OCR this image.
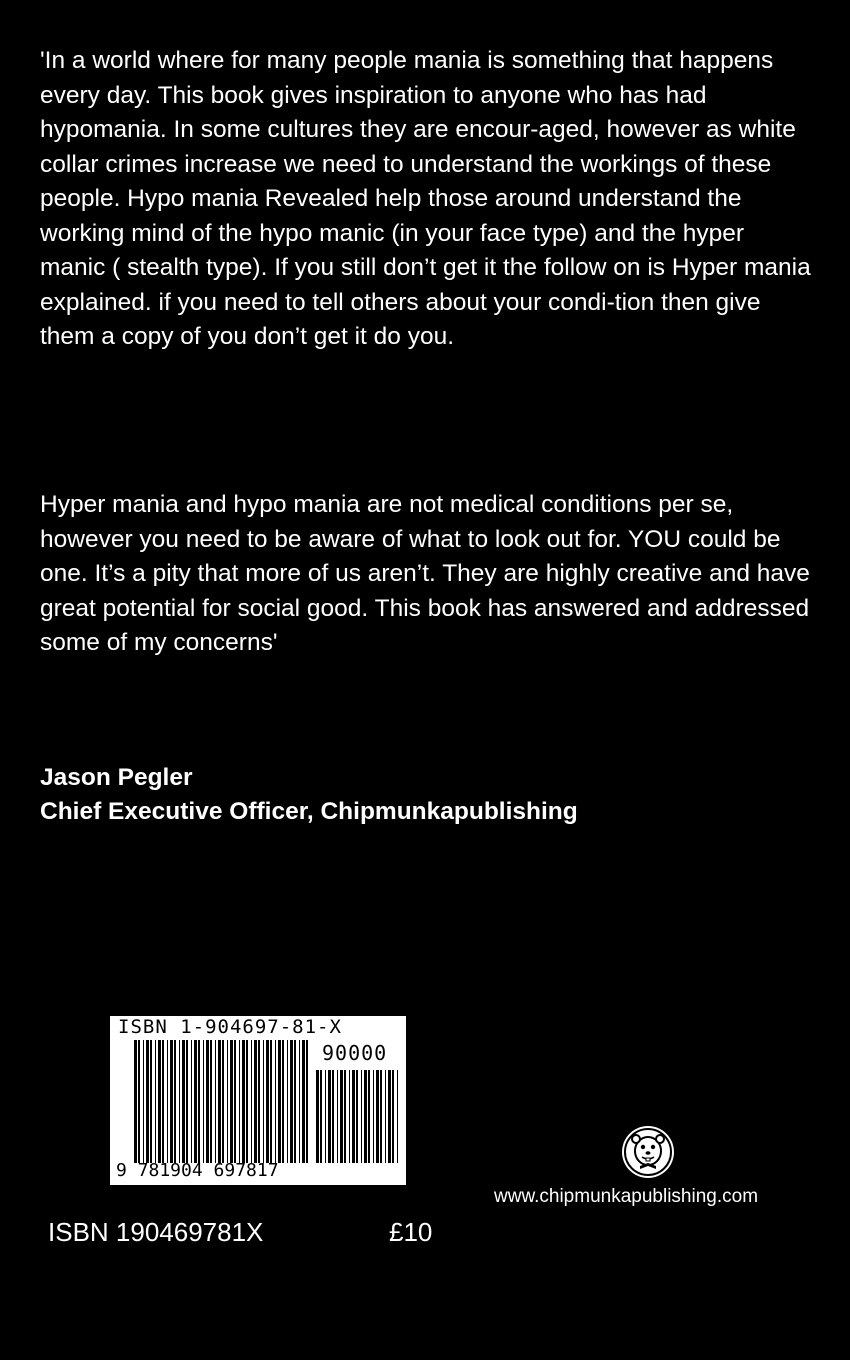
'In a world where for many people mania is something that happens every day. This book gives inspiration to anyone who has had hypomania. In some cultures they are encour-aged, however as white collar crimes increase we need to understand the workings of these people. Hypo mania Revealed help those around understand the working mind of the hypo manic (in your face type) and the hyper manic ( stealth type). If you still don’t get it the follow on is Hyper mania explained. if you need to tell others about your condi-tion then give them a copy of you don’t get it do you.

Hyper mania and hypo mania are not medical conditions per se, however you need to be aware of what to look out for. YOU could be one. It’s a pity that more of us aren’t. They are highly creative and have great potential for social good. This book has answered and addressed some of my concerns'

Jason Pegler
Chief Executive Officer, Chipmunkapublishing
ISBN 1-904697-81-X
90000
9 781904 697817
www.chipmunkapublishing.com
ISBN 190469781X	£10
